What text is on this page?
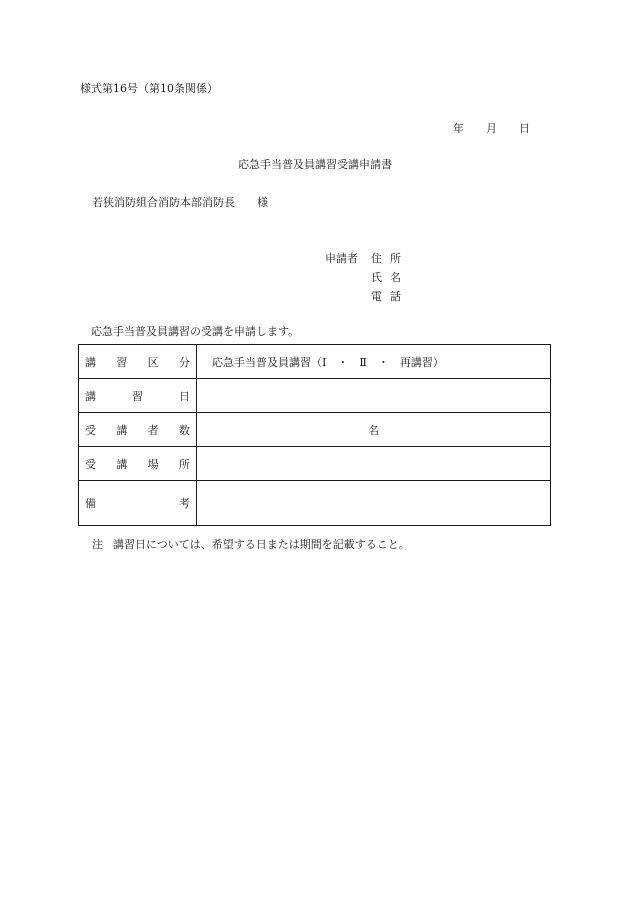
様式第16号（第10条関係）
年 月 日
応急手当普及員講習受講申請書
若狭消防組合消防本部消防長 様
申請者 住所
氏名
電話
応急手当普及員講習の受講を申請します。
講 習 区 分	応急手当普及員講習（Ⅰ　・　Ⅱ　・　再講習）

講 習 日	

受 講 者 数	名

受 講 場 所	

備 考	

注 講習日については、希望する日または期間を記載すること。
